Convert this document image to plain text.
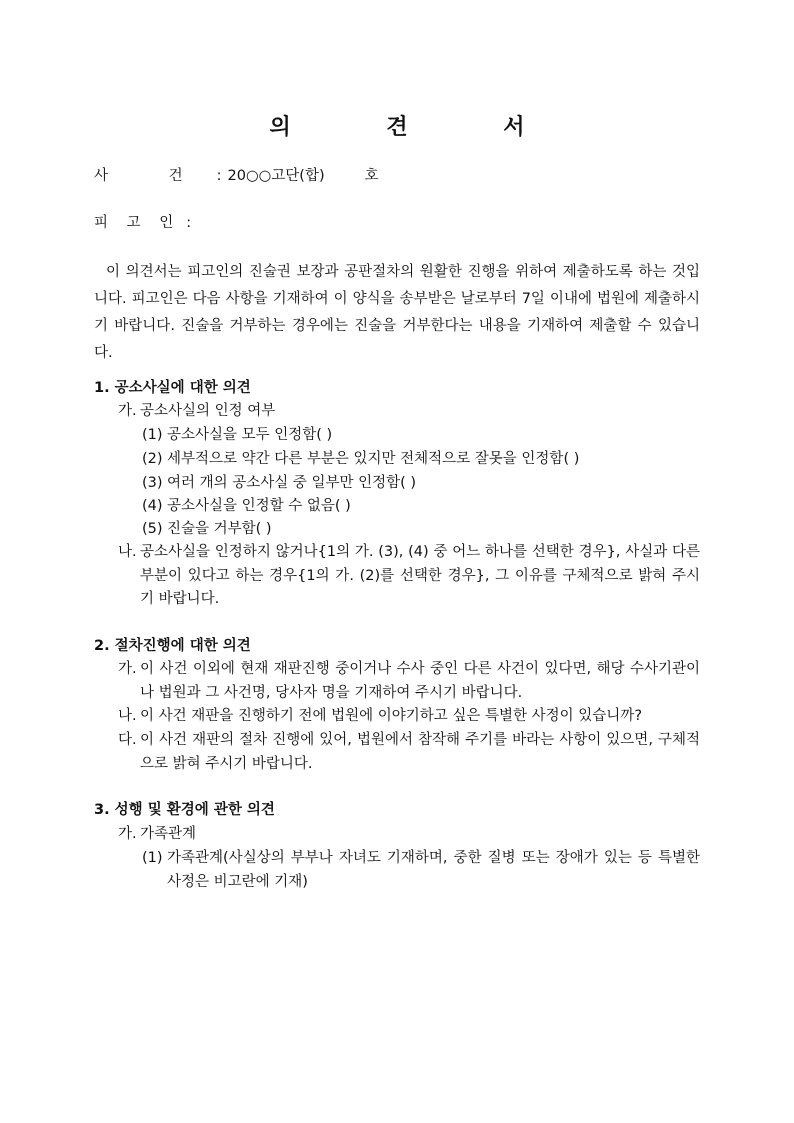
의 견 서
사 건 : 20○○고단(합)	호
피 고 인 :
이 의견서는 피고인의 진술권 보장과 공판절차의 원활한 진행을 위하여 제출하도록 하는 것입니다. 피고인은 다음 사항을 기재하여 이 양식을 송부받은 날로부터 7일 이내에 법원에 제출하시기 바랍니다. 진술을 거부하는 경우에는 진술을 거부한다는 내용을 기재하여 제출할 수 있습니다.
1. 공소사실에 대한 의견
가. 공소사실의 인정 여부
(1) 공소사실을 모두 인정함( )
(2) 세부적으로 약간 다른 부분은 있지만 전체적으로 잘못을 인정함( )
(3) 여러 개의 공소사실 중 일부만 인정함( )
(4) 공소사실을 인정할 수 없음( )
(5) 진술을 거부함( )
나. 공소사실을 인정하지 않거나{1의 가. (3), (4) 중 어느 하나를 선택한 경우}, 사실과 다른 부분이 있다고 하는 경우{1의 가. (2)를 선택한 경우}, 그 이유를 구체적으로 밝혀 주시기 바랍니다.
2. 절차진행에 대한 의견
가. 이 사건 이외에 현재 재판진행 중이거나 수사 중인 다른 사건이 있다면, 해당 수사기관이나 법원과 그 사건명, 당사자 명을 기재하여 주시기 바랍니다.
나. 이 사건 재판을 진행하기 전에 법원에 이야기하고 싶은 특별한 사정이 있습니까?
다. 이 사건 재판의 절차 진행에 있어, 법원에서 참작해 주기를 바라는 사항이 있으면, 구체적으로 밝혀 주시기 바랍니다.
3. 성행 및 환경에 관한 의견
가. 가족관계
(1) 가족관계(사실상의 부부나 자녀도 기재하며, 중한 질병 또는 장애가 있는 등 특별한 사정은 비고란에 기재)
